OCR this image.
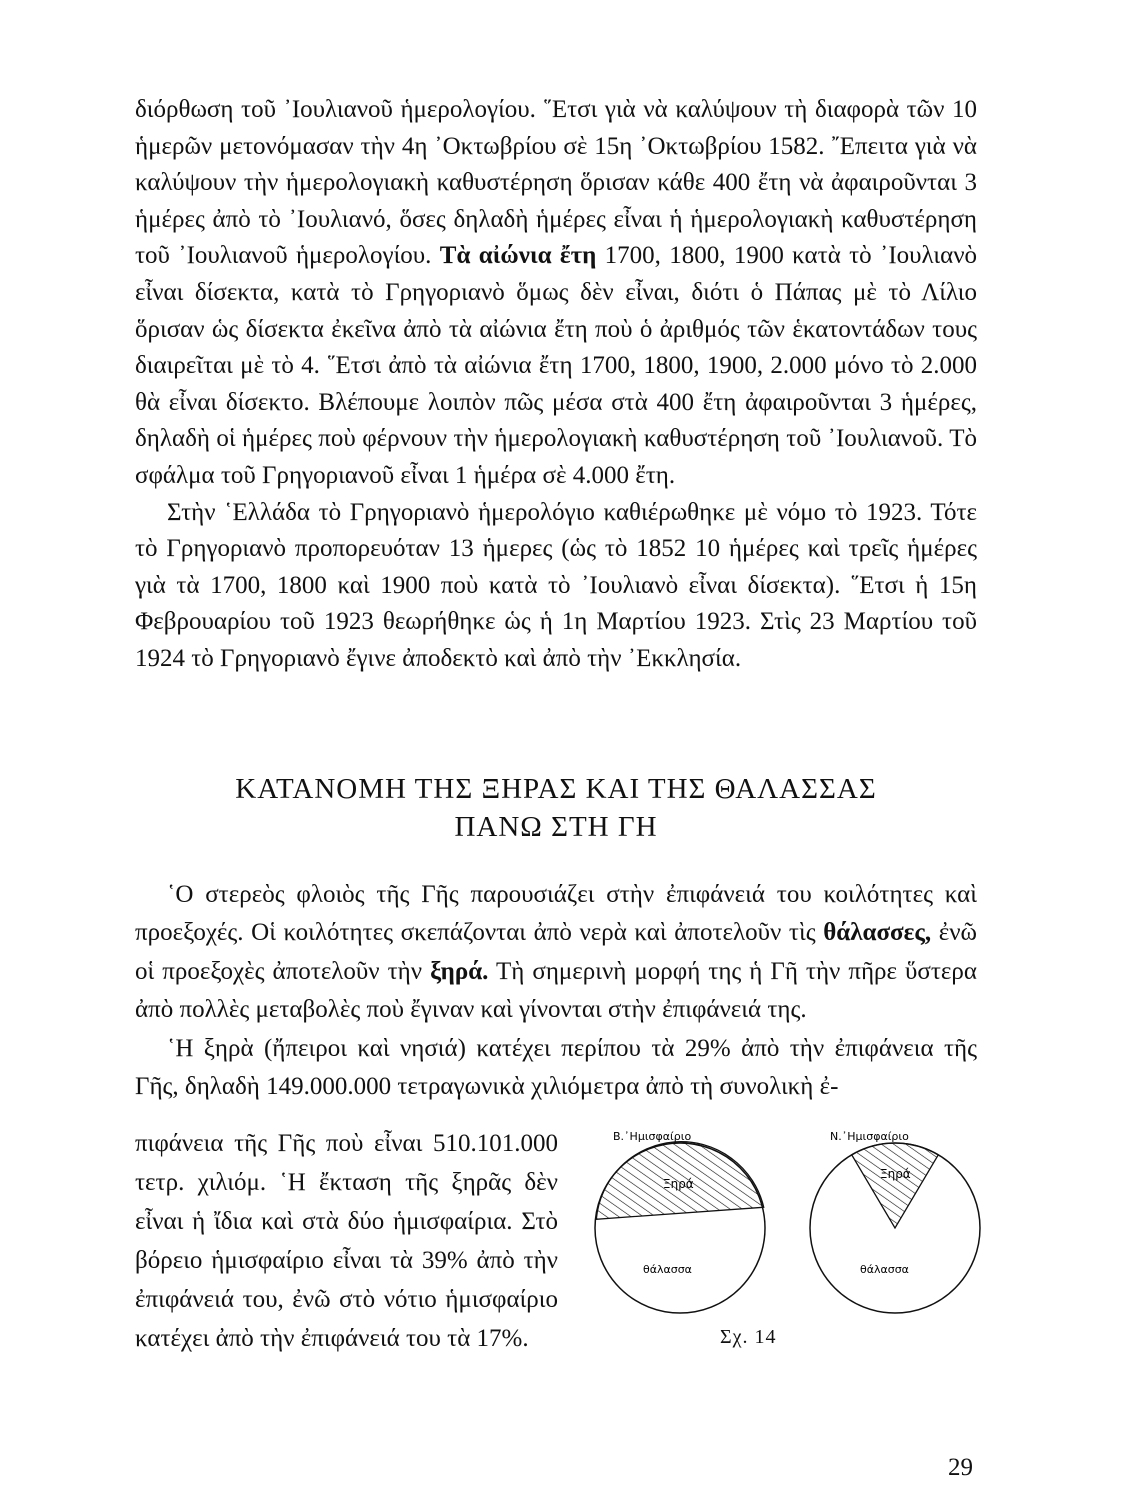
διόρθωση τοῦ ᾽Ιουλιανοῦ ἡμερολογίου. ῞Ετσι γιὰ νὰ καλύψουν τὴ διαφορὰ τῶν 10 ἡμερῶν μετονόμασαν τὴν 4η ᾽Οκτωβρίου σὲ 15η ᾽Οκτωβρίου 1582. ῎Επειτα γιὰ νὰ καλύψουν τὴν ἡμερολογιακὴ καθυστέρηση ὅρισαν κάθε 400 ἔτη νὰ ἀφαιροῦνται 3 ἡμέρες ἀπὸ τὸ ᾽Ιουλιανό, ὅσες δηλαδὴ ἡμέρες εἶναι ἡ ἡμερολογιακὴ καθυστέρηση τοῦ ᾽Ιουλιανοῦ ἡμερολογίου. Τὰ αἰώνια ἔτη 1700, 1800, 1900 κατὰ τὸ ᾽Ιουλιανὸ εἶναι δίσεκτα, κατὰ τὸ Γρηγοριανὸ ὅμως δὲν εἶναι, διότι ὁ Πάπας μὲ τὸ Λίλιο ὅρισαν ὡς δίσεκτα ἐκεῖνα ἀπὸ τὰ αἰώνια ἔτη ποὺ ὁ ἀριθμός τῶν ἑκατοντάδων τους διαιρεῖται μὲ τὸ 4. ῞Ετσι ἀπὸ τὰ αἰώνια ἔτη 1700, 1800, 1900, 2.000 μόνο τὸ 2.000 θὰ εἶναι δίσεκτο. Βλέπουμε λοιπὸν πῶς μέσα στὰ 400 ἔτη ἀφαιροῦνται 3 ἡμέρες, δηλαδὴ οἱ ἡμέρες ποὺ φέρνουν τὴν ἡμερολογιακὴ καθυστέρηση τοῦ ᾽Ιουλιανοῦ. Τὸ σφάλμα τοῦ Γρηγοριανοῦ εἶναι 1 ἡμέρα σὲ 4.000 ἔτη.

Στὴν ῾Ελλάδα τὸ Γρηγοριανὸ ἡμερολόγιο καθιέρωθηκε μὲ νόμο τὸ 1923. Τότε τὸ Γρηγοριανὸ προπορευόταν 13 ἡμερες (ὡς τὸ 1852 10 ἡμέρες καὶ τρεῖς ἡμέρες γιὰ τὰ 1700, 1800 καὶ 1900 ποὺ κατὰ τὸ ᾽Ιουλιανὸ εἶναι δίσεκτα). ῞Ετσι ἡ 15η Φεβρουαρίου τοῦ 1923 θεωρήθηκε ὡς ἡ 1η Μαρτίου 1923. Στὶς 23 Μαρτίου τοῦ 1924 τὸ Γρηγοριανὸ ἔγινε ἀποδεκτὸ καὶ ἀπὸ τὴν ᾽Εκκλησία.

ΚΑΤΑΝΟΜΗ ΤΗΣ ΞΗΡΑΣ ΚΑΙ ΤΗΣ ΘΑΛΑΣΣΑΣ
ΠΑΝΩ ΣΤΗ ΓΗ

῾Ο στερεὸς φλοιὸς τῆς Γῆς παρουσιάζει στὴν ἐπιφάνειά του κοιλότητες καὶ προεξοχές. Οἱ κοιλότητες σκεπάζονται ἀπὸ νερὰ καὶ ἀποτελοῦν τὶς θάλασσες, ἐνῶ οἱ προεξοχὲς ἀποτελοῦν τὴν ξηρά. Τὴ σημερινὴ μορφή της ἡ Γῆ τὴν πῆρε ὕστερα ἀπὸ πολλὲς μεταβολὲς ποὺ ἔγιναν καὶ γίνονται στὴν ἐπιφάνειά της.

῾Η ξηρὰ (ἤπειροι καὶ νησιά) κατέχει περίπου τὰ 29% ἀπὸ τὴν ἐπιφάνεια τῆς Γῆς, δηλαδὴ 149.000.000 τετραγωνικὰ χιλιόμετρα ἀπὸ τὴ συνολικὴ ἐ-

πιφάνεια τῆς Γῆς ποὺ εἶναι 510.101.000 τετρ. χιλιόμ. ῾Η ἔκταση τῆς ξηρᾶς δὲν εἶναι ἡ ἴδια καὶ στὰ δύο ἡμισφαίρια. Στὸ βόρειο ἡμισφαίριο εἶναι τὰ 39% ἀπὸ τὴν ἐπιφάνειά του, ἐνῶ στὸ νότιο ἡμισφαίριο κατέχει ἀπὸ τὴν ἐπιφάνειά του τὰ 17%.

Β.᾽Ημισφαίριο
Ξηρά
θάλασσα
Ν.᾽Ημισφαίριο
Ξηρά
θάλασσα
Σχ. 14
29
